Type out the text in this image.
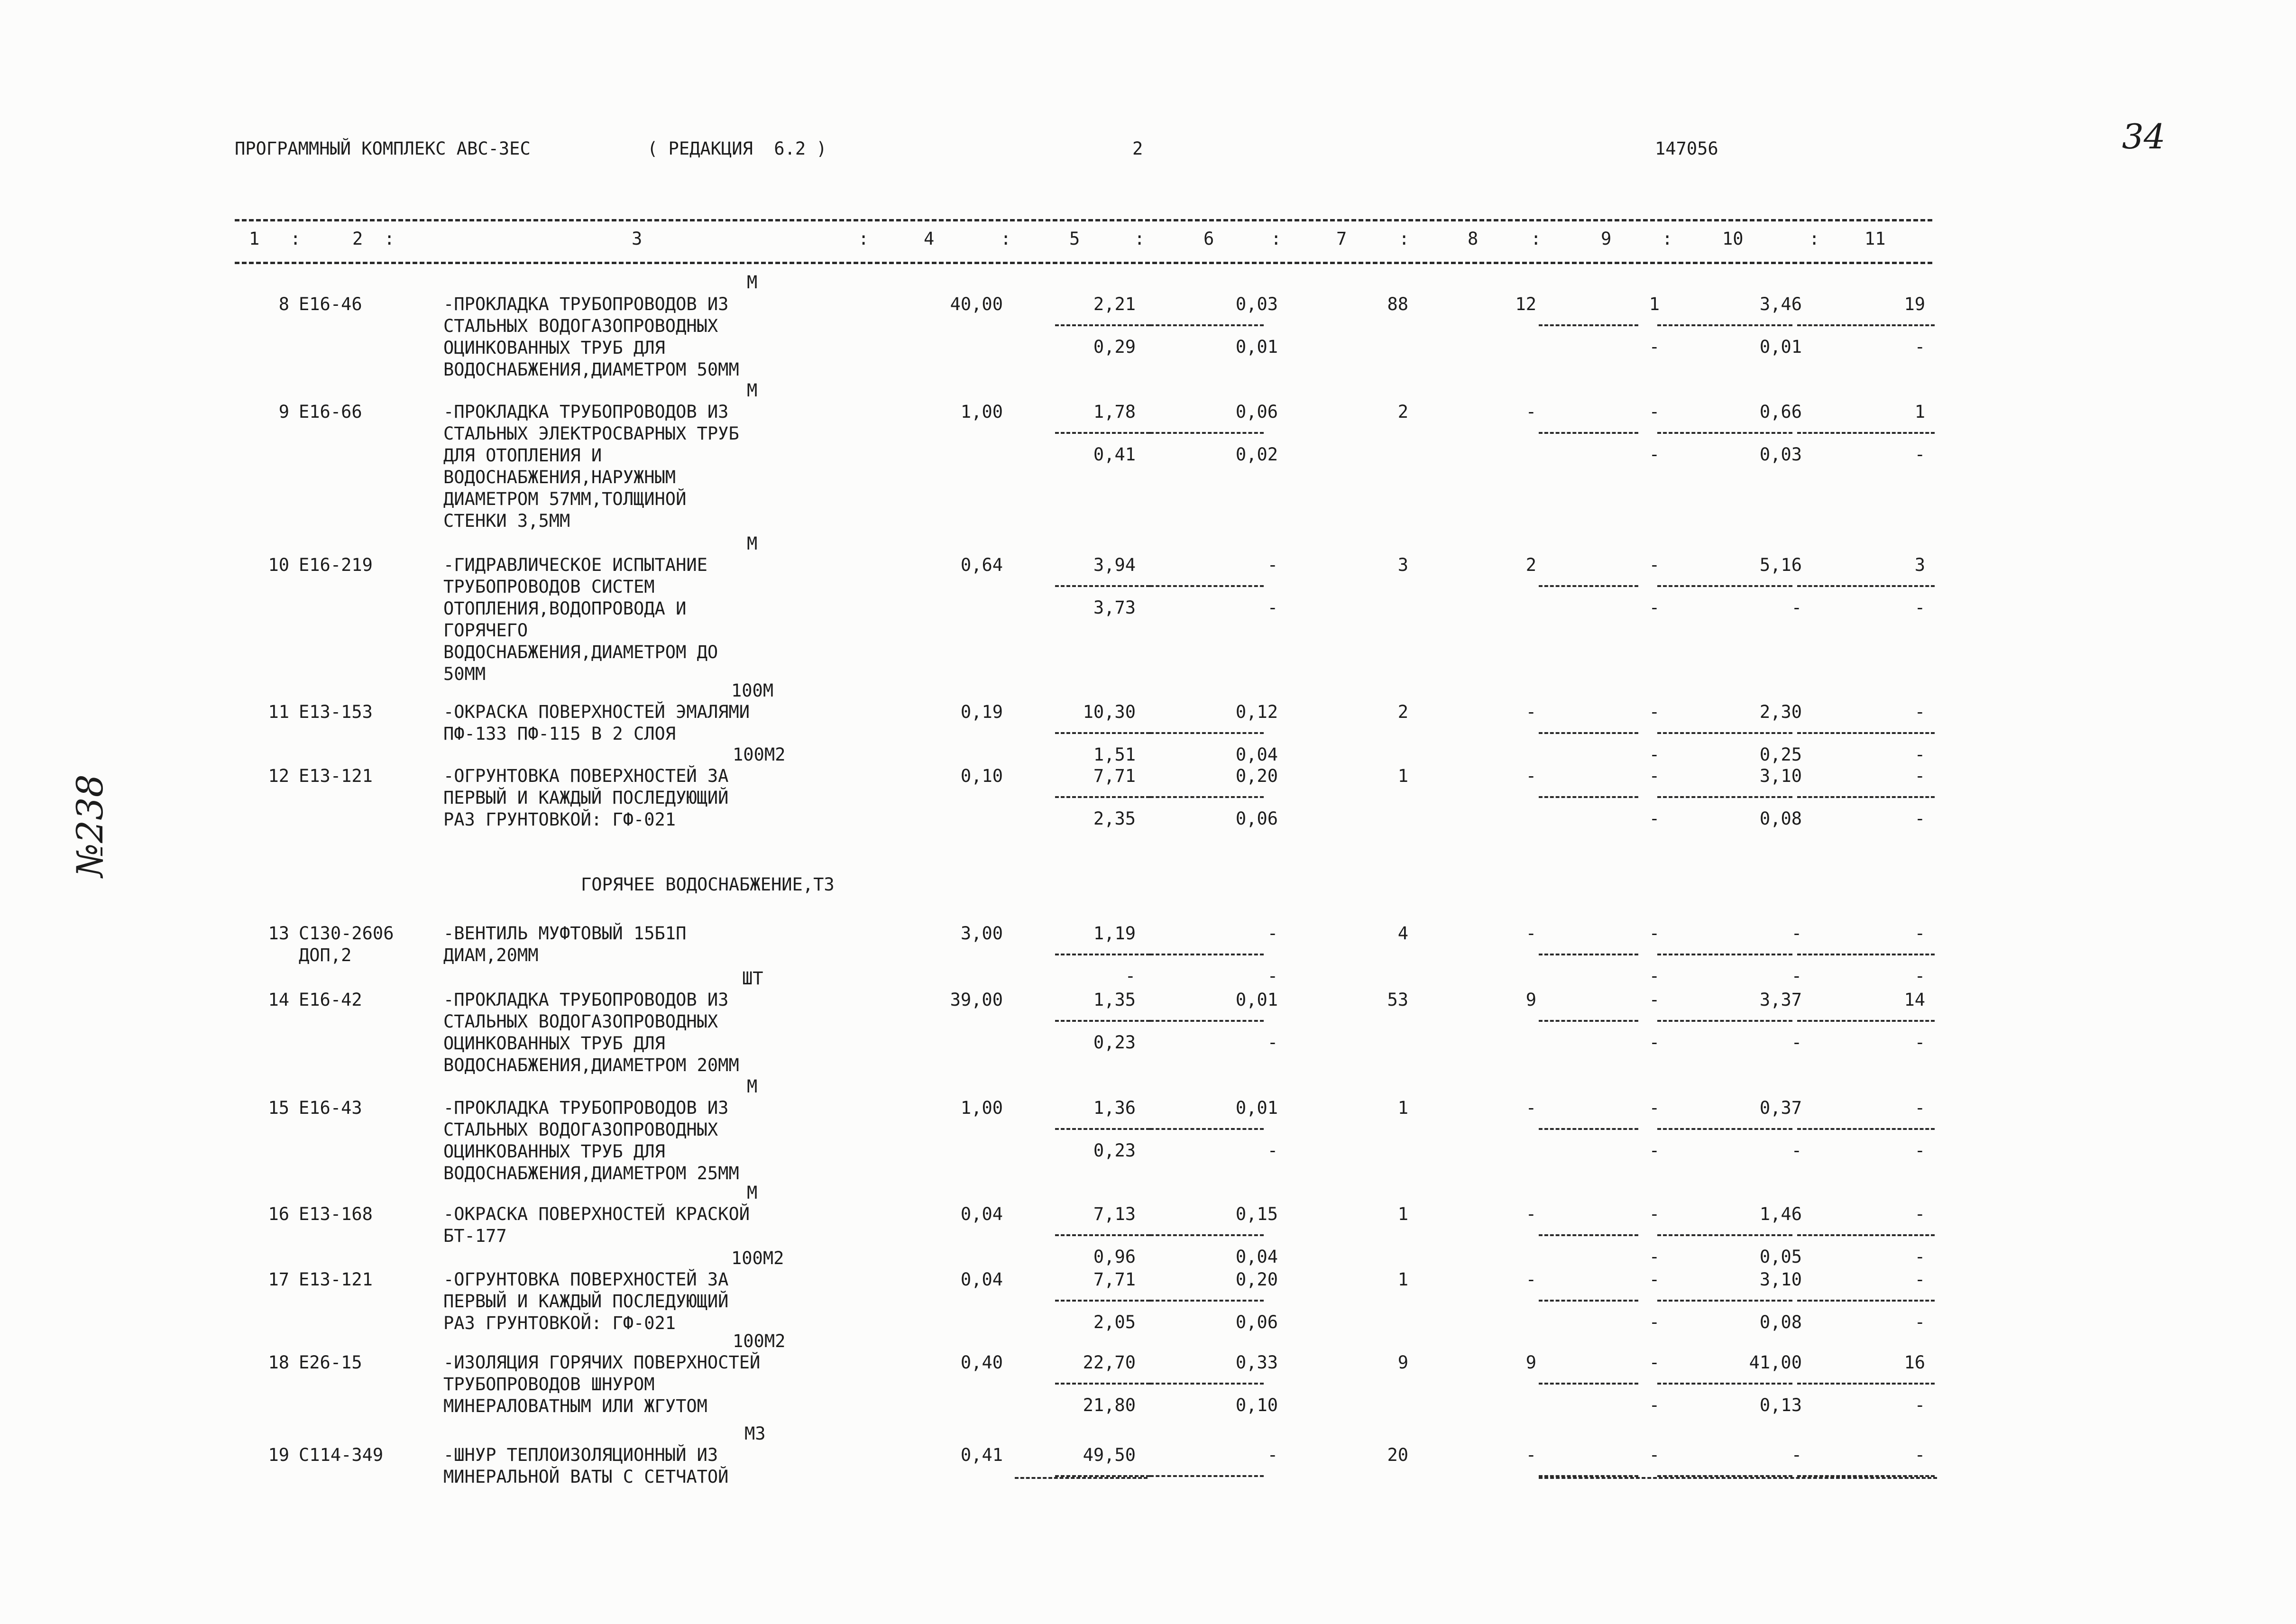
ПРОГРАММНЫЙ КОМПЛЕКС АВС-3ЕС	( РЕДАКЦИЯ  6.2 )	2	147056	34
№238
1	2	3	4	5	6	7	8	9	10	11
:	:	:	:	:	:	:	:	:	:
М
8 Е16-46	-ПРОКЛАДКА ТРУБОПРОВОДОВ ИЗ
СТАЛЬНЫХ ВОДОГАЗОПРОВОДНЫХ
ОЦИНКОВАННЫХ ТРУБ ДЛЯ
ВОДОСНАБЖЕНИЯ,ДИАМЕТРОМ 50ММ
40,00	2,21	0,03	88	12	1	3,46	19
0,29	0,01	-	0,01	-
М
9 Е16-66	-ПРОКЛАДКА ТРУБОПРОВОДОВ ИЗ
СТАЛЬНЫХ ЭЛЕКТРОСВАРНЫХ ТРУБ
ДЛЯ ОТОПЛЕНИЯ И
ВОДОСНАБЖЕНИЯ,НАРУЖНЫМ
ДИАМЕТРОМ 57ММ,ТОЛЩИНОЙ
СТЕНКИ 3,5ММ
1,00	1,78	0,06	2	-	-	0,66	1
0,41	0,02	-	0,03	-
М
10 Е16-219	-ГИДРАВЛИЧЕСКОЕ ИСПЫТАНИЕ
ТРУБОПРОВОДОВ СИСТЕМ
ОТОПЛЕНИЯ,ВОДОПРОВОДА И
ГОРЯЧЕГО
ВОДОСНАБЖЕНИЯ,ДИАМЕТРОМ ДО
50ММ
0,64	3,94	-	3	2	-	5,16	3
3,73	-	-	-	-
100М
11 Е13-153	-ОКРАСКА ПОВЕРХНОСТЕЙ ЭМАЛЯМИ
ПФ-133 ПФ-115 В 2 СЛОЯ
0,19	10,30	0,12	2	-	-	2,30	-
1,51	0,04	-	0,25	-
100М2
12 Е13-121	-ОГРУНТОВКА ПОВЕРХНОСТЕЙ ЗА
ПЕРВЫЙ И КАЖДЫЙ ПОСЛЕДУЮЩИЙ
РАЗ ГРУНТОВКОЙ: ГФ-021
0,10	7,71	0,20	1	-	-	3,10	-
2,35	0,06	-	0,08	-
13 С130-2606
ДОП,2
-ВЕНТИЛЬ МУФТОВЫЙ 15Б1П
ДИАМ,20ММ
3,00	1,19	-	4	-	-	-	-
-	-	-	-	-
ШТ
14 Е16-42	-ПРОКЛАДКА ТРУБОПРОВОДОВ ИЗ
СТАЛЬНЫХ ВОДОГАЗОПРОВОДНЫХ
ОЦИНКОВАННЫХ ТРУБ ДЛЯ
ВОДОСНАБЖЕНИЯ,ДИАМЕТРОМ 20ММ
39,00	1,35	0,01	53	9	-	3,37	14
0,23	-	-	-	-
М
15 Е16-43	-ПРОКЛАДКА ТРУБОПРОВОДОВ ИЗ
СТАЛЬНЫХ ВОДОГАЗОПРОВОДНЫХ
ОЦИНКОВАННЫХ ТРУБ ДЛЯ
ВОДОСНАБЖЕНИЯ,ДИАМЕТРОМ 25ММ
1,00	1,36	0,01	1	-	-	0,37	-
0,23	-	-	-	-
М
16 Е13-168	-ОКРАСКА ПОВЕРХНОСТЕЙ КРАСКОЙ
БТ-177
0,04	7,13	0,15	1	-	-	1,46	-
0,96	0,04	-	0,05	-
100М2
17 Е13-121	-ОГРУНТОВКА ПОВЕРХНОСТЕЙ ЗА
ПЕРВЫЙ И КАЖДЫЙ ПОСЛЕДУЮЩИЙ
РАЗ ГРУНТОВКОЙ: ГФ-021
0,04	7,71	0,20	1	-	-	3,10	-
2,05	0,06	-	0,08	-
100М2
18 Е26-15	-ИЗОЛЯЦИЯ ГОРЯЧИХ ПОВЕРХНОСТЕЙ
ТРУБОПРОВОДОВ ШНУРОМ
МИНЕРАЛОВАТНЫМ ИЛИ ЖГУТОМ
0,40	22,70	0,33	9	9	-	41,00	16
21,80	0,10	-	0,13	-
М3
19 С114-349	-ШНУР ТЕПЛОИЗОЛЯЦИОННЫЙ ИЗ
МИНЕРАЛЬНОЙ ВАТЫ С СЕТЧАТОЙ
0,41	49,50	-	20	-	-	-	-
ГОРЯЧЕЕ ВОДОСНАБЖЕНИЕ,Т3
